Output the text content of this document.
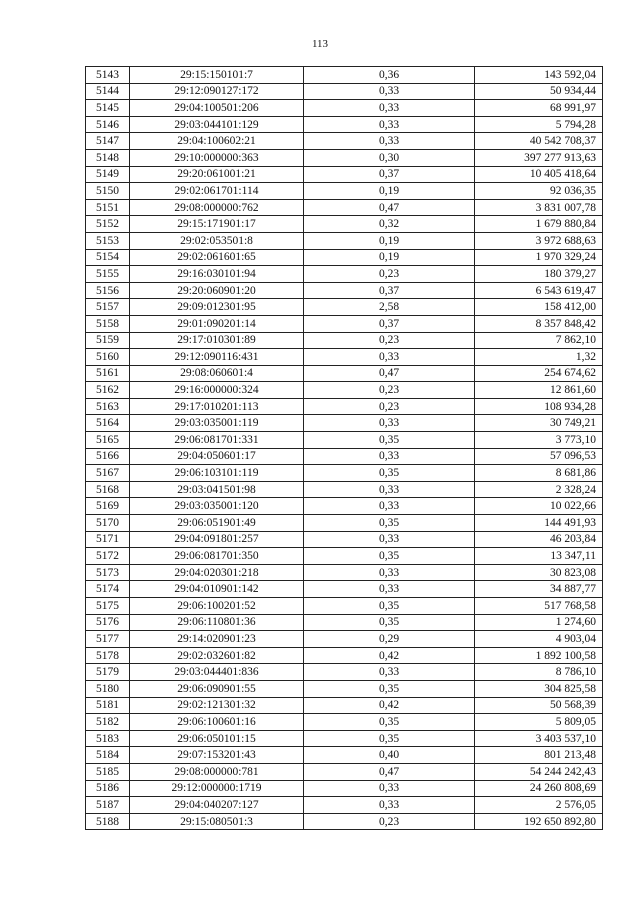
113
5143	29:15:150101:7	0,36	143 592,04
5144	29:12:090127:172	0,33	50 934,44
5145	29:04:100501:206	0,33	68 991,97
5146	29:03:044101:129	0,33	5 794,28
5147	29:04:100602:21	0,33	40 542 708,37
5148	29:10:000000:363	0,30	397 277 913,63
5149	29:20:061001:21	0,37	10 405 418,64
5150	29:02:061701:114	0,19	92 036,35
5151	29:08:000000:762	0,47	3 831 007,78
5152	29:15:171901:17	0,32	1 679 880,84
5153	29:02:053501:8	0,19	3 972 688,63
5154	29:02:061601:65	0,19	1 970 329,24
5155	29:16:030101:94	0,23	180 379,27
5156	29:20:060901:20	0,37	6 543 619,47
5157	29:09:012301:95	2,58	158 412,00
5158	29:01:090201:14	0,37	8 357 848,42
5159	29:17:010301:89	0,23	7 862,10
5160	29:12:090116:431	0,33	1,32
5161	29:08:060601:4	0,47	254 674,62
5162	29:16:000000:324	0,23	12 861,60
5163	29:17:010201:113	0,23	108 934,28
5164	29:03:035001:119	0,33	30 749,21
5165	29:06:081701:331	0,35	3 773,10
5166	29:04:050601:17	0,33	57 096,53
5167	29:06:103101:119	0,35	8 681,86
5168	29:03:041501:98	0,33	2 328,24
5169	29:03:035001:120	0,33	10 022,66
5170	29:06:051901:49	0,35	144 491,93
5171	29:04:091801:257	0,33	46 203,84
5172	29:06:081701:350	0,35	13 347,11
5173	29:04:020301:218	0,33	30 823,08
5174	29:04:010901:142	0,33	34 887,77
5175	29:06:100201:52	0,35	517 768,58
5176	29:06:110801:36	0,35	1 274,60
5177	29:14:020901:23	0,29	4 903,04
5178	29:02:032601:82	0,42	1 892 100,58
5179	29:03:044401:836	0,33	8 786,10
5180	29:06:090901:55	0,35	304 825,58
5181	29:02:121301:32	0,42	50 568,39
5182	29:06:100601:16	0,35	5 809,05
5183	29:06:050101:15	0,35	3 403 537,10
5184	29:07:153201:43	0,40	801 213,48
5185	29:08:000000:781	0,47	54 244 242,43
5186	29:12:000000:1719	0,33	24 260 808,69
5187	29:04:040207:127	0,33	2 576,05
5188	29:15:080501:3	0,23	192 650 892,80
